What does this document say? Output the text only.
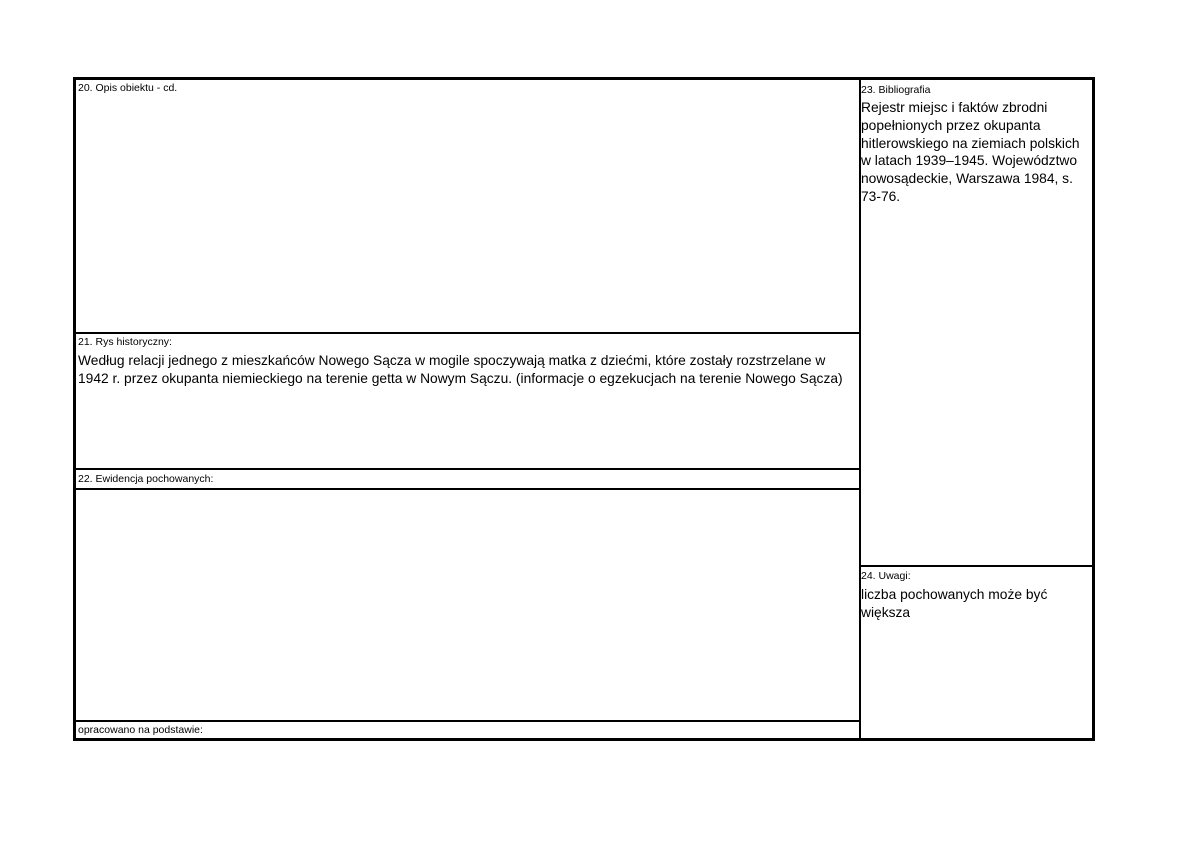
20. Opis obiektu - cd.
21. Rys historyczny:
Według relacji jednego z mieszkańców Nowego Sącza w mogile spoczywają matka z dziećmi, które zostały rozstrzelane w 1942 r. przez okupanta niemieckiego na terenie getta w Nowym Sączu. (informacje o egzekucjach na terenie Nowego Sącza)
22. Ewidencja pochowanych:
opracowano na podstawie:
23. Bibliografia
Rejestr miejsc i faktów zbrodni popełnionych przez okupanta hitlerowskiego na ziemiach polskich w latach 1939–1945. Województwo nowosądeckie, Warszawa 1984, s. 73-76.
24. Uwagi:
liczba pochowanych może być większa
